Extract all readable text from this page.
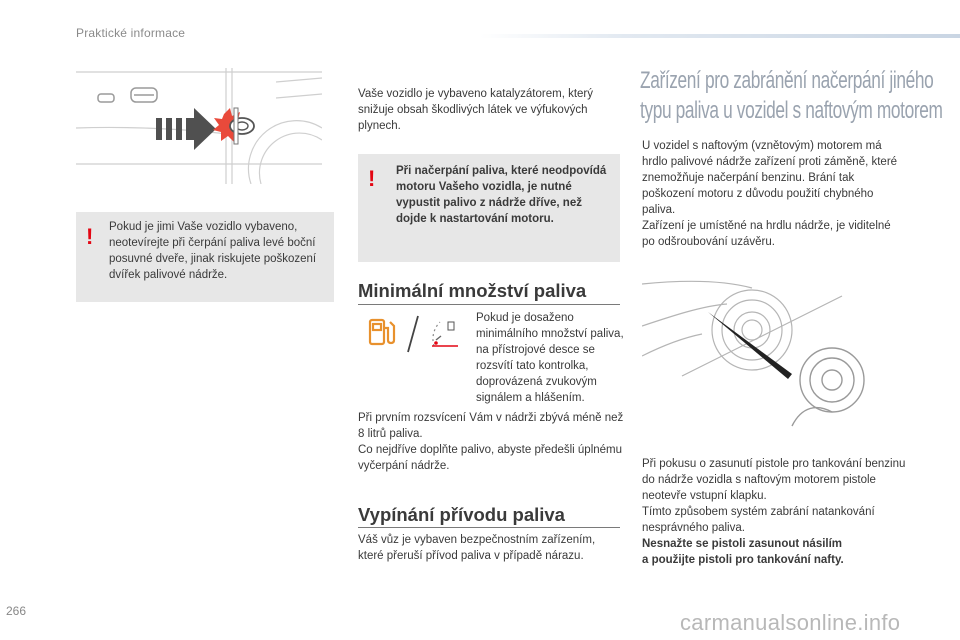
Praktické informace
! Pokud je jimi Vaše vozidlo vybaveno, neotevírejte při čerpání paliva levé boční posuvné dveře, jinak riskujete poškození dvířek palivové nádrže.
Vaše vozidlo je vybaveno katalyzátorem, který snižuje obsah škodlivých látek ve výfukových plynech.
! Při načerpání paliva, které neodpovídá motoru Vašeho vozidla, je nutné vypustit palivo z nádrže dříve, než dojde k nastartování motoru.
Minimální množství paliva
Pokud je dosaženo minimálního množství paliva, na přístrojové desce se rozsvítí tato kontrolka, doprovázená zvukovým signálem a hlášením.
Při prvním rozsvícení Vám v nádrži zbývá méně než 8 litrů paliva.
Co nejdříve doplňte palivo, abyste předešli úplnému vyčerpání nádrže.
Vypínání přívodu paliva
Váš vůz je vybaven bezpečnostním zařízením, které přeruší přívod paliva v případě nárazu.
Zařízení pro zabránění načerpání jiného
typu paliva u vozidel s naftovým motorem
U vozidel s naftovým (vznětovým) motorem má hrdlo palivové nádrže zařízení proti záměně, které znemožňuje načerpání benzinu. Brání tak poškození motoru z důvodu použití chybného paliva.
Zařízení je umístěné na hrdlu nádrže, je viditelné po odšroubování uzávěru.
Při pokusu o zasunutí pistole pro tankování benzinu do nádrže vozidla s naftovým motorem pistole neotevře vstupní klapku.
Tímto způsobem systém zabrání natankování nesprávného paliva.
Nesnažte se pistoli zasunout násilím
a použijte pistoli pro tankování nafty.
266	carmanualsonline.info
